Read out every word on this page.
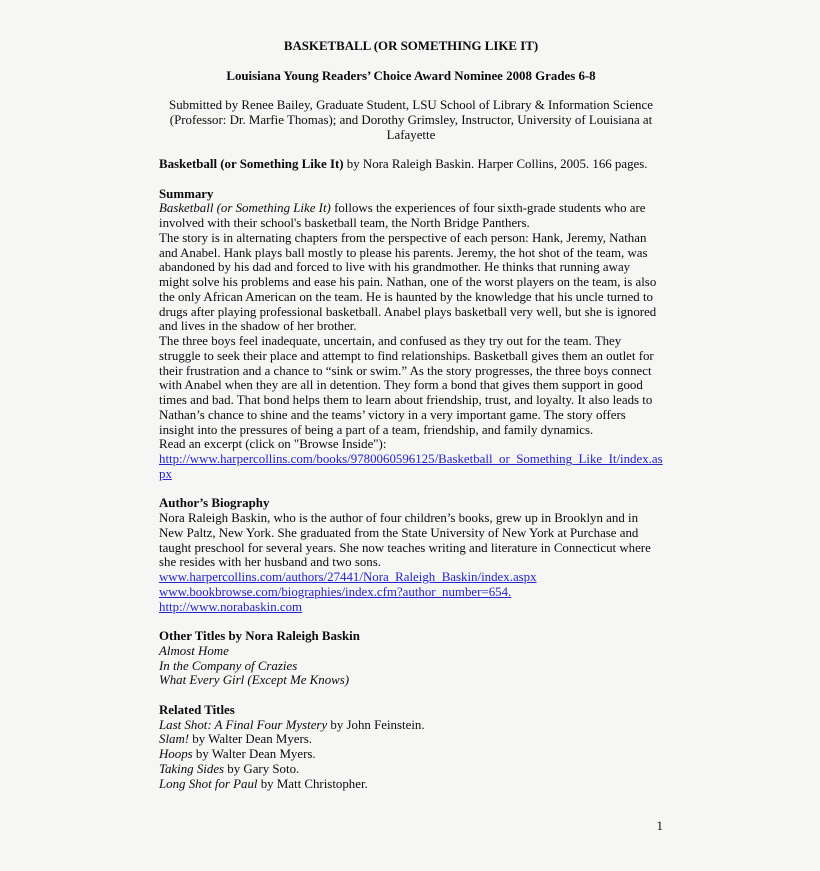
BASKETBALL (OR SOMETHING LIKE IT)

Louisiana Young Readers’ Choice Award Nominee 2008 Grades 6-8

Submitted by Renee Bailey, Graduate Student, LSU School of Library & Information Science (Professor: Dr. Marfie Thomas); and Dorothy Grimsley, Instructor, University of Louisiana at Lafayette

Basketball (or Something Like It) by Nora Raleigh Baskin. Harper Collins, 2005. 166 pages.

Summary

Basketball (or Something Like It) follows the experiences of four sixth-grade students who are involved with their school's basketball team, the North Bridge Panthers.

The story is in alternating chapters from the perspective of each person: Hank, Jeremy, Nathan and Anabel. Hank plays ball mostly to please his parents. Jeremy, the hot shot of the team, was abandoned by his dad and forced to live with his grandmother. He thinks that running away might solve his problems and ease his pain. Nathan, one of the worst players on the team, is also the only African American on the team. He is haunted by the knowledge that his uncle turned to drugs after playing professional basketball. Anabel plays basketball very well, but she is ignored and lives in the shadow of her brother.

The three boys feel inadequate, uncertain, and confused as they try out for the team. They struggle to seek their place and attempt to find relationships. Basketball gives them an outlet for their frustration and a chance to “sink or swim.” As the story progresses, the three boys connect with Anabel when they are all in detention. They form a bond that gives them support in good times and bad. That bond helps them to learn about friendship, trust, and loyalty. It also leads to Nathan’s chance to shine and the teams’ victory in a very important game. The story offers insight into the pressures of being a part of a team, friendship, and family dynamics.

Read an excerpt (click on "Browse Inside"):

http://www.harpercollins.com/books/9780060596125/Basketball_or_Something_Like_It/index.aspx

Author’s Biography

Nora Raleigh Baskin, who is the author of four children’s books, grew up in Brooklyn and in New Paltz, New York. She graduated from the State University of New York at Purchase and taught preschool for several years. She now teaches writing and literature in Connecticut where she resides with her husband and two sons.

www.harpercollins.com/authors/27441/Nora_Raleigh_Baskin/index.aspx
www.bookbrowse.com/biographies/index.cfm?author_number=654.
http://www.norabaskin.com

Other Titles by Nora Raleigh Baskin

Almost Home

In the Company of Crazies

What Every Girl (Except Me Knows)

Related Titles

Last Shot: A Final Four Mystery by John Feinstein.

Slam! by Walter Dean Myers.

Hoops by Walter Dean Myers.

Taking Sides by Gary Soto.

Long Shot for Paul by Matt Christopher.

1
